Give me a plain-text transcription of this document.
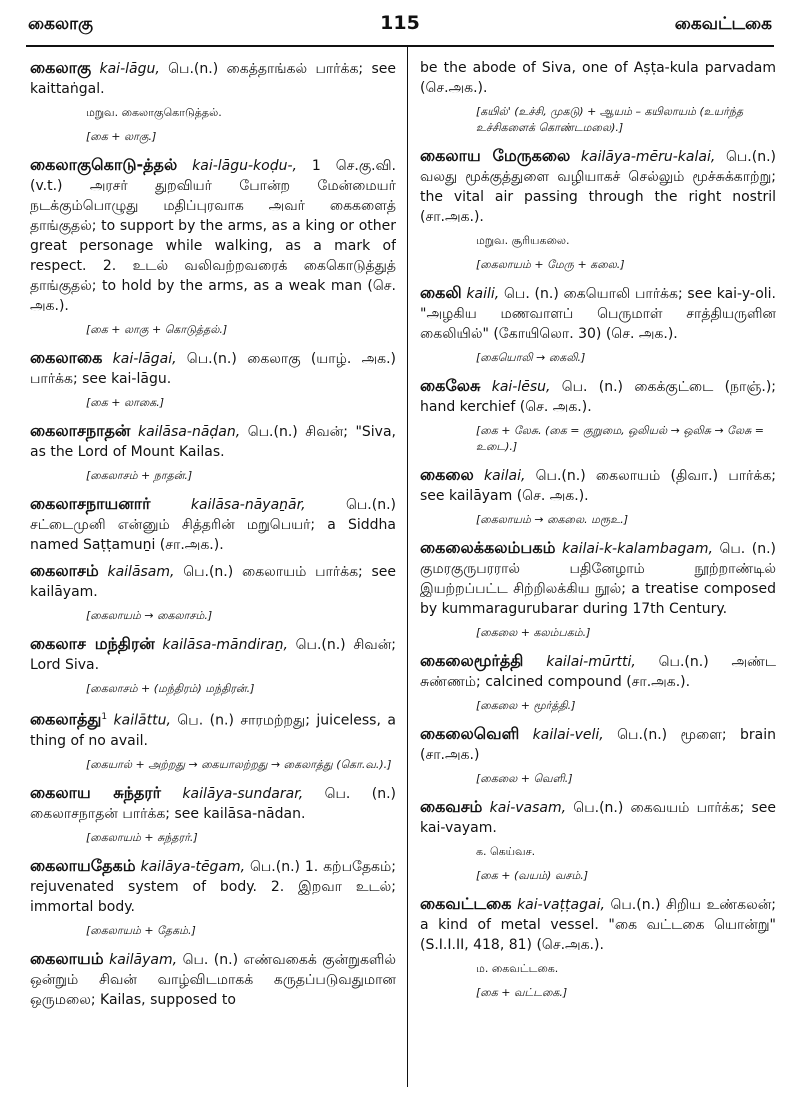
கைலாகு	115	கைவட்டகை
கைலாகு kai-lāgu, பெ.(n.) கைத்தாங்கல் பார்க்க; see kaittaṅgal.
மறுவ. கைலாகுகொடுத்தல்.
[கை + லாகு.]
கைலாகுகொடு-த்தல் kai-lāgu-koḍu-, 1 செ.கு.வி.(v.t.) அரசர் துறவியர் போன்ற மேன்மையர் நடக்கும்பொழுது மதிப்புரவாக அவர் கைகளைத் தாங்குதல்; to support by the arms, as a king or other great personage while walking, as a mark of respect. 2. உடல் வலிவற்றவரைக் கைகொடுத்துத் தாங்குதல்; to hold by the arms, as a weak man (செ. அக.).
[கை + லாகு + கொடுத்தல்.]
கைலாகை kai-lāgai, பெ.(n.) கைலாகு (யாழ். அக.) பார்க்க; see kai-lāgu.
[கை + லாகை.]
கைலாசநாதன் kailāsa-nāḍan, பெ.(n.) சிவன்; "Siva, as the Lord of Mount Kailas.
[கைலாசம் + நாதன்.]
கைலாசநாயனார் kailāsa-nāyaṉār, பெ.(n.) சட்டைமுனி என்னும் சித்தரின் மறுபெயர்; a Siddha named Saṭṭamuṉi (சா.அக.).
கைலாசம் kailāsam, பெ.(n.) கைலாயம் பார்க்க; see kailāyam.
[கைலாயம் → கைலாசம்.]
கைலாச மந்திரன் kailāsa-māndiraṉ, பெ.(n.) சிவன்; Lord Siva.
[கைலாசம் + (மந்திரம்) மந்திரன்.]
கைலாத்து$^1$ kailāttu, பெ. (n.) சாரமற்றது; juiceless, a thing of no avail.
[கையால் + அற்றது → கையாலற்றது → கைலாத்து (கொ.வ.).]
கைலாய சுந்தரர் kailāya-sundarar, பெ. (n.) கைலாசநாதன் பார்க்க; see kailāsa-nādan.
[கைலாயம் + சுந்தரர்.]
கைலாயதேகம் kailāya-tēgam, பெ.(n.) 1. கற்பதேகம்; rejuvenated system of body. 2. இறவா உடல்; immortal body.
[கைலாயம் + தேகம்.]
கைலாயம் kailāyam, பெ. (n.) எண்வகைக் குன்றுகளில் ஒன்றும் சிவன் வாழ்விடமாகக் கருதப்படுவதுமான ஒருமலை; Kailas, supposed to
be the abode of Siva, one of Aṣṭa-kula parvadam (செ.அக.).
[கயில்' (உச்சி, முகடு) + ஆயம் – கயிலாயம் (உயர்ந்த உச்சிகளைக் கொண்டமலை).]
கைலாய மேருகலை kailāya-mēru-kalai, பெ.(n.) வலது மூக்குத்துளை வழியாகச் செல்லும் மூச்சுக்காற்று; the vital air passing through the right nostril (சா.அக.).
மறுவ. சூரியகலை.
[கைலாயம் + மேரு + கலை.]
கைலி kaili, பெ. (n.) கையொலி பார்க்க; see kai-y-oli. "அழகிய மணவாளப் பெருமாள் சாத்தியருளின கைலியில்" (கோயிலொ. 30) (செ. அக.).
[கையொலி → கைலி.]
கைலேசு kai-lēsu, பெ. (n.) கைக்குட்டை (நாஞ்.); hand kerchief (செ. அக.).
[கை + லேசு. (கை = குறுமை, ஒலியல் → ஒலிசு → லேசு = உடை).]
கைலை kailai, பெ.(n.) கைலாயம் (திவா.) பார்க்க; see kailāyam (செ. அக.).
[கைலாயம் → கைலை. மரூஉ.]
கைலைக்கலம்பகம் kailai-k-kalambagam, பெ. (n.) குமரகுருபரரால் பதினேழாம் நூற்றாண்டில் இயற்றப்பட்ட சிற்றிலக்கிய நூல்; a treatise composed by kummaragurubarar during 17th Century.
[கைலை + கலம்பகம்.]
கைலைமூர்த்தி kailai-mūrtti, பெ.(n.) அண்ட சுண்ணம்; calcined compound (சா.அக.).
[கைலை + மூர்த்தி.]
கைலைவெளி kailai-veli, பெ.(n.) மூளை; brain (சா.அக.)
[கைலை + வெளி.]
கைவசம் kai-vasam, பெ.(n.) கைவயம் பார்க்க; see kai-vayam.
க. கெய்வச.
[கை + (வயம்) வசம்.]
கைவட்டகை kai-vaṭṭagai, பெ.(n.) சிறிய உண்கலன்; a kind of metal vessel. "கை வட்டகை யொன்று" (S.I.I.II, 418, 81) (செ.அக.).
ம. கைவட்டகை.
[கை + வட்டகை.]
